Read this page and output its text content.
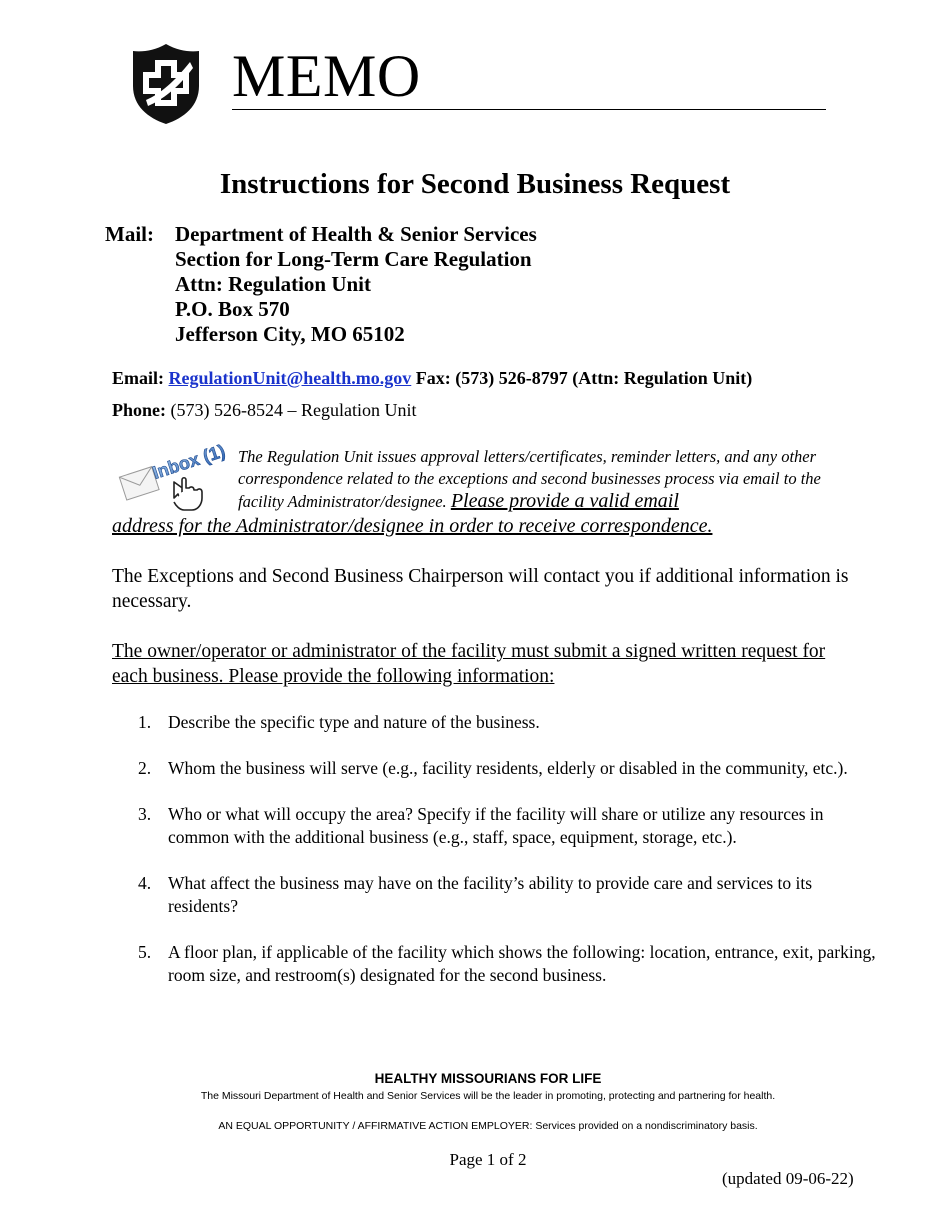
MEMO
Instructions for Second Business Request
Mail: Department of Health & Senior Services
Section for Long-Term Care Regulation
Attn: Regulation Unit
P.O. Box 570
Jefferson City, MO 65102
Email: RegulationUnit@health.mo.gov Fax: (573) 526-8797 (Attn: Regulation Unit)
Phone: (573) 526-8524 – Regulation Unit
Inbox (1) The Regulation Unit issues approval letters/certificates, reminder letters, and any other correspondence related to the exceptions and second businesses process via email to the facility Administrator/designee. Please provide a valid email
address for the Administrator/designee in order to receive correspondence.
The Exceptions and Second Business Chairperson will contact you if additional information is necessary.
The owner/operator or administrator of the facility must submit a signed written request for each business. Please provide the following information:
1. Describe the specific type and nature of the business.
2. Whom the business will serve (e.g., facility residents, elderly or disabled in the community, etc.).
3. Who or what will occupy the area? Specify if the facility will share or utilize any resources in common with the additional business (e.g., staff, space, equipment, storage, etc.).
4. What affect the business may have on the facility’s ability to provide care and services to its residents?
5. A floor plan, if applicable of the facility which shows the following: location, entrance, exit, parking, room size, and restroom(s) designated for the second business.
HEALTHY MISSOURIANS FOR LIFE
The Missouri Department of Health and Senior Services will be the leader in promoting, protecting and partnering for health.
AN EQUAL OPPORTUNITY / AFFIRMATIVE ACTION EMPLOYER: Services provided on a nondiscriminatory basis.
Page 1 of 2
(updated 09-06-22)
